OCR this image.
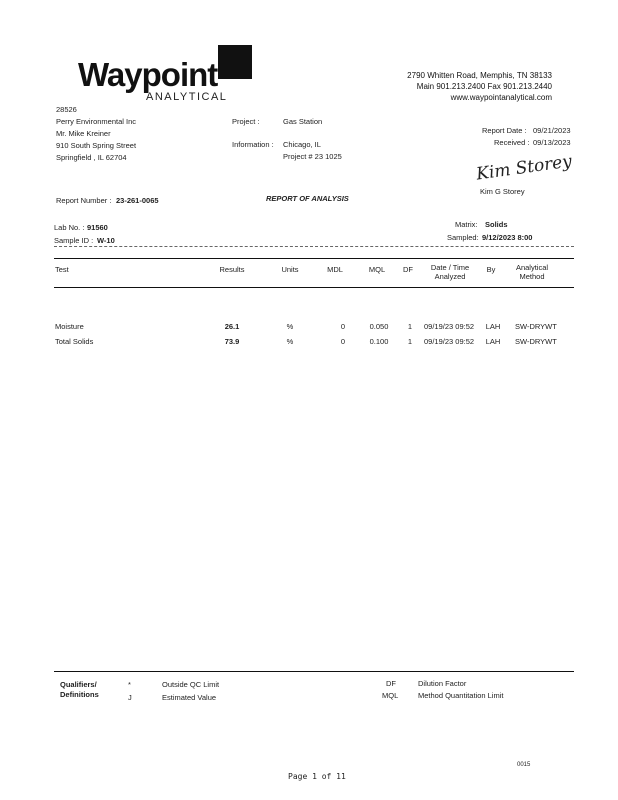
Waypoint
ANALYTICAL
2790 Whitten Road, Memphis, TN 38133
Main 901.213.2400 Fax 901.213.2440
www.waypointanalytical.com
28526
Perry Environmental Inc
Mr. Mike Kreiner
910 South Spring Street
Springfield , IL 62704
Project :	Gas Station
Information : Chicago, IL
Project # 23 1025
Report Date : 09/21/2023
Received : 09/13/2023
Kim Storey
Kim G Storey
Report Number : 23-261-0065	REPORT OF ANALYSIS
Lab No. : 91560
Sample ID : W-10
Matrix: Solids
Sampled: 9/12/2023 8:00
Test	Results	Units	MDL	MQL	DF	Date / Time
Analyzed
By	Analytical
Method
Moisture	26.1	%	0	0.050	1	09/19/23 09:52	LAH	SW-DRYWT
Total Solids	73.9	%	0	0.100	1	09/19/23 09:52	LAH	SW-DRYWT
Qualifiers/
Definitions
*	Outside QC Limit
J	Estimated Value
DF	Dilution Factor
MQL	Method Quantitation Limit
0015
Page 1 of 11
